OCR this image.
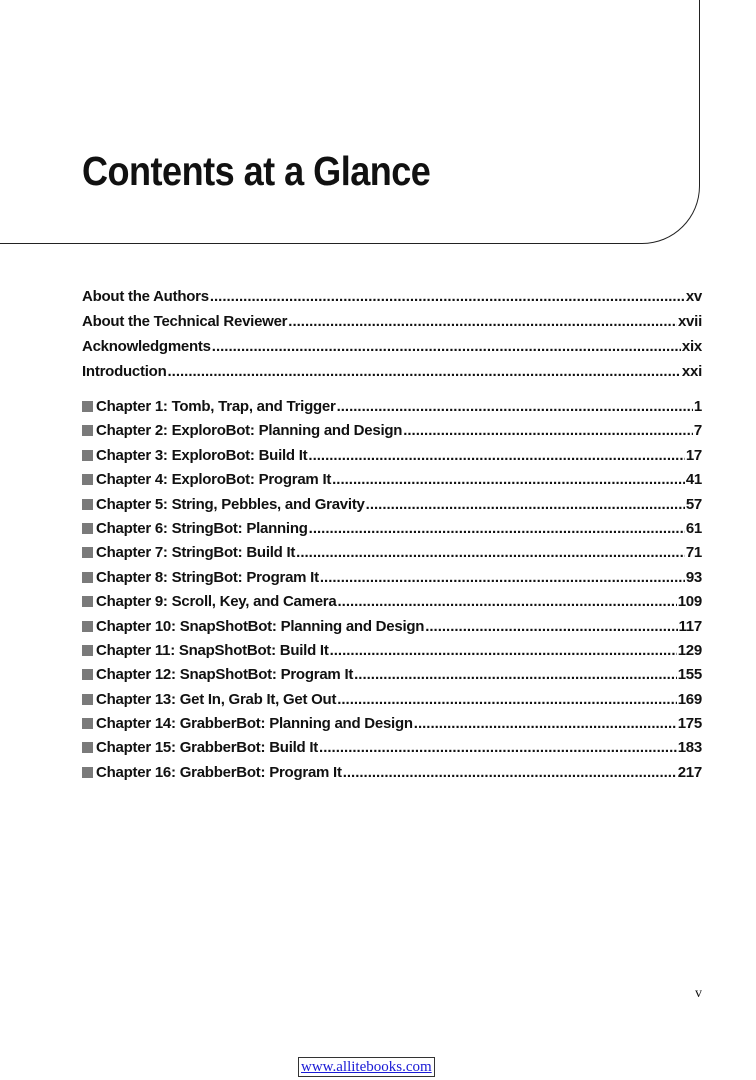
Contents at a Glance
About the Authors .....	xv
About the Technical Reviewer .....	xvii
Acknowledgments .....	xix
Introduction .....	xxi
Chapter 1: Tomb, Trap, and Trigger .....	1
Chapter 2: ExploroBot: Planning and Design .....	7
Chapter 3: ExploroBot: Build It .....	17
Chapter 4: ExploroBot: Program It .....	41
Chapter 5: String, Pebbles, and Gravity .....	57
Chapter 6: StringBot: Planning .....	61
Chapter 7: StringBot: Build It .....	71
Chapter 8: StringBot: Program It .....	93
Chapter 9: Scroll, Key, and Camera .....	109
Chapter 10: SnapShotBot: Planning and Design .....	117
Chapter 11: SnapShotBot: Build It .....	129
Chapter 12: SnapShotBot: Program It .....	155
Chapter 13: Get In, Grab It, Get Out .....	169
Chapter 14: GrabberBot: Planning and Design .....	175
Chapter 15: GrabberBot: Build It .....	183
Chapter 16: GrabberBot: Program It .....	217
v
www.allitebooks.com
